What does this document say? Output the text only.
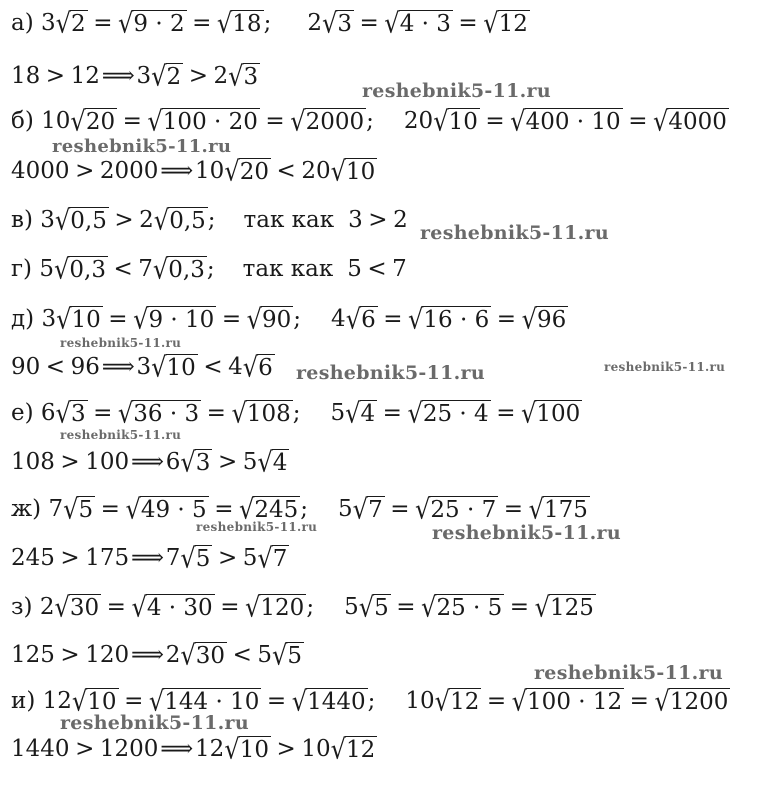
а) 3 √ 2 = √ 9 · 2 = √ 18 ; 2 √ 3 = √ 4 · 3 = √ 12
18 > 12⟹3 √ 2 > 2 √ 3
б) 10 √ 20 = √ 100 · 20 = √ 2000 ; 20 √ 10 = √ 400 · 10 = √ 4000
4000 > 2000⟹10 √ 20 < 20 √ 10
в) 3 √ 0,5 > 2 √ 0,5 ; так как 3 > 2
г) 5 √ 0,3 < 7 √ 0,3 ; так как 5 < 7
д) 3 √ 10 = √ 9 · 10 = √ 90 ; 4 √ 6 = √ 16 · 6 = √ 96
90 < 96⟹3 √ 10 < 4 √ 6
е) 6 √ 3 = √ 36 · 3 = √ 108 ; 5 √ 4 = √ 25 · 4 = √ 100
108 > 100⟹6 √ 3 > 5 √ 4
ж) 7 √ 5 = √ 49 · 5 = √ 245 ; 5 √ 7 = √ 25 · 7 = √ 175
245 > 175⟹7 √ 5 > 5 √ 7
з) 2 √ 30 = √ 4 · 30 = √ 120 ; 5 √ 5 = √ 25 · 5 = √ 125
125 > 120⟹2 √ 30 < 5 √ 5
и) 12 √ 10 = √ 144 · 10 = √ 1440 ; 10 √ 12 = √ 100 · 12 = √ 1200
1440 > 1200⟹12 √ 10 > 10 √ 12
reshebnik5-11.ru
reshebnik5-11.ru
reshebnik5-11.ru
reshebnik5-11.ru
reshebnik5-11.ru	reshebnik5-11.ru
reshebnik5-11.ru
reshebnik5-11.ru	reshebnik5-11.ru
reshebnik5-11.ru
reshebnik5-11.ru
